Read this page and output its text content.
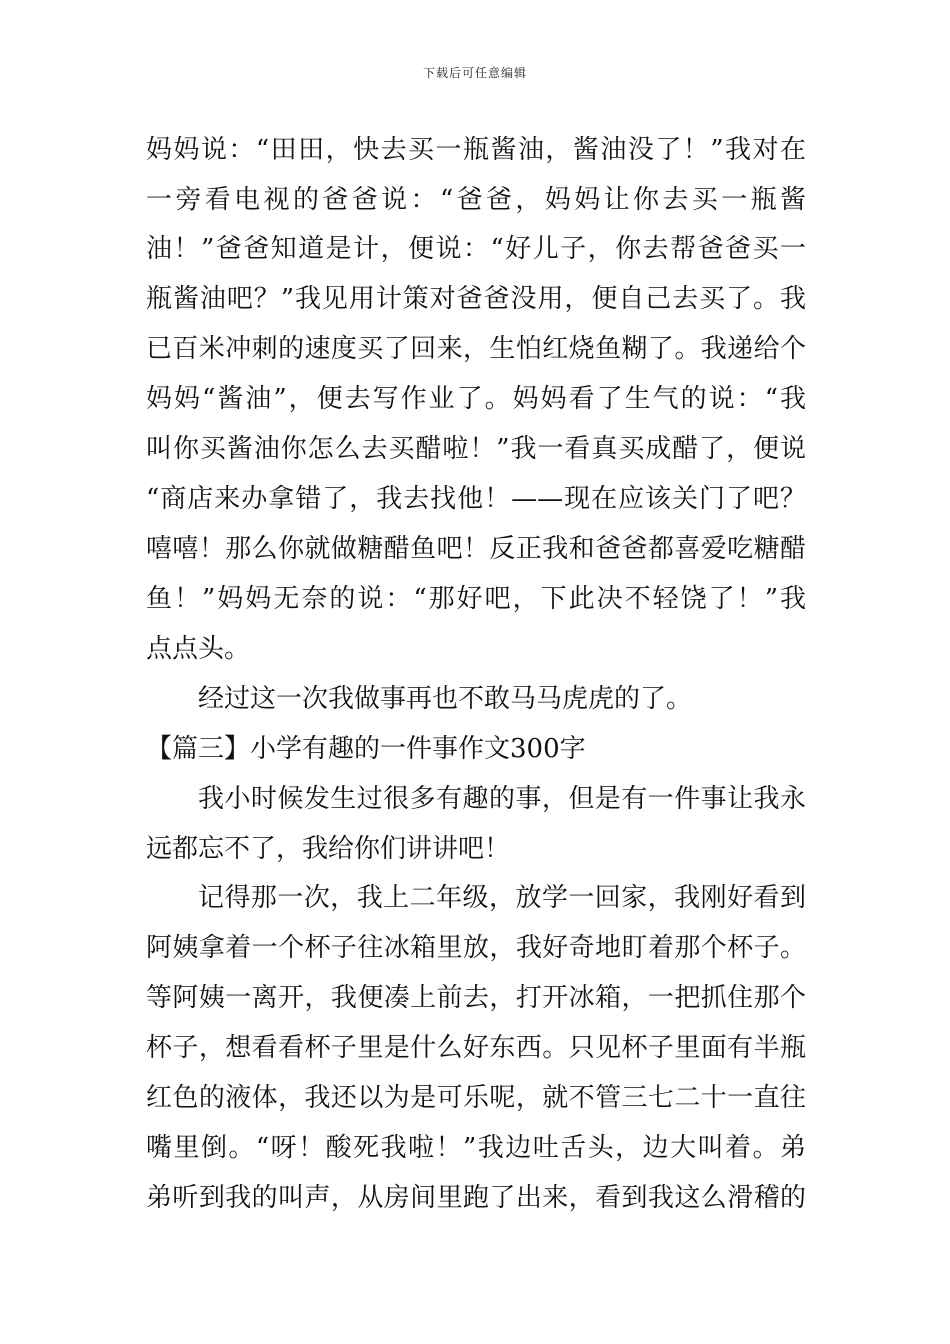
下载后可任意编辑
妈妈说：“田田，快去买一瓶酱油，酱油没了！”我对在
一旁看电视的爸爸说：“爸爸，妈妈让你去买一瓶酱
油！”爸爸知道是计，便说：“好儿子，你去帮爸爸买一
瓶酱油吧？”我见用计策对爸爸没用，便自己去买了。我
已百米冲刺的速度买了回来，生怕红烧鱼糊了。我递给个
妈妈“酱油”，便去写作业了。妈妈看了生气的说：“我
叫你买酱油你怎么去买醋啦！”我一看真买成醋了，便说
“商店来办拿错了，我去找他！——现在应该关门了吧？
嘻嘻！那么你就做糖醋鱼吧！反正我和爸爸都喜爱吃糖醋
鱼！”妈妈无奈的说：“那好吧，下此决不轻饶了！”我
点点头。
经过这一次我做事再也不敢马马虎虎的了。
【篇三】小学有趣的一件事作文300字
我小时候发生过很多有趣的事，但是有一件事让我永
远都忘不了，我给你们讲讲吧！
记得那一次，我上二年级，放学一回家，我刚好看到
阿姨拿着一个杯子往冰箱里放，我好奇地盯着那个杯子。
等阿姨一离开，我便凑上前去，打开冰箱，一把抓住那个
杯子，想看看杯子里是什么好东西。只见杯子里面有半瓶
红色的液体，我还以为是可乐呢，就不管三七二十一直往
嘴里倒。“呀！酸死我啦！”我边吐舌头，边大叫着。弟
弟听到我的叫声，从房间里跑了出来，看到我这么滑稽的
